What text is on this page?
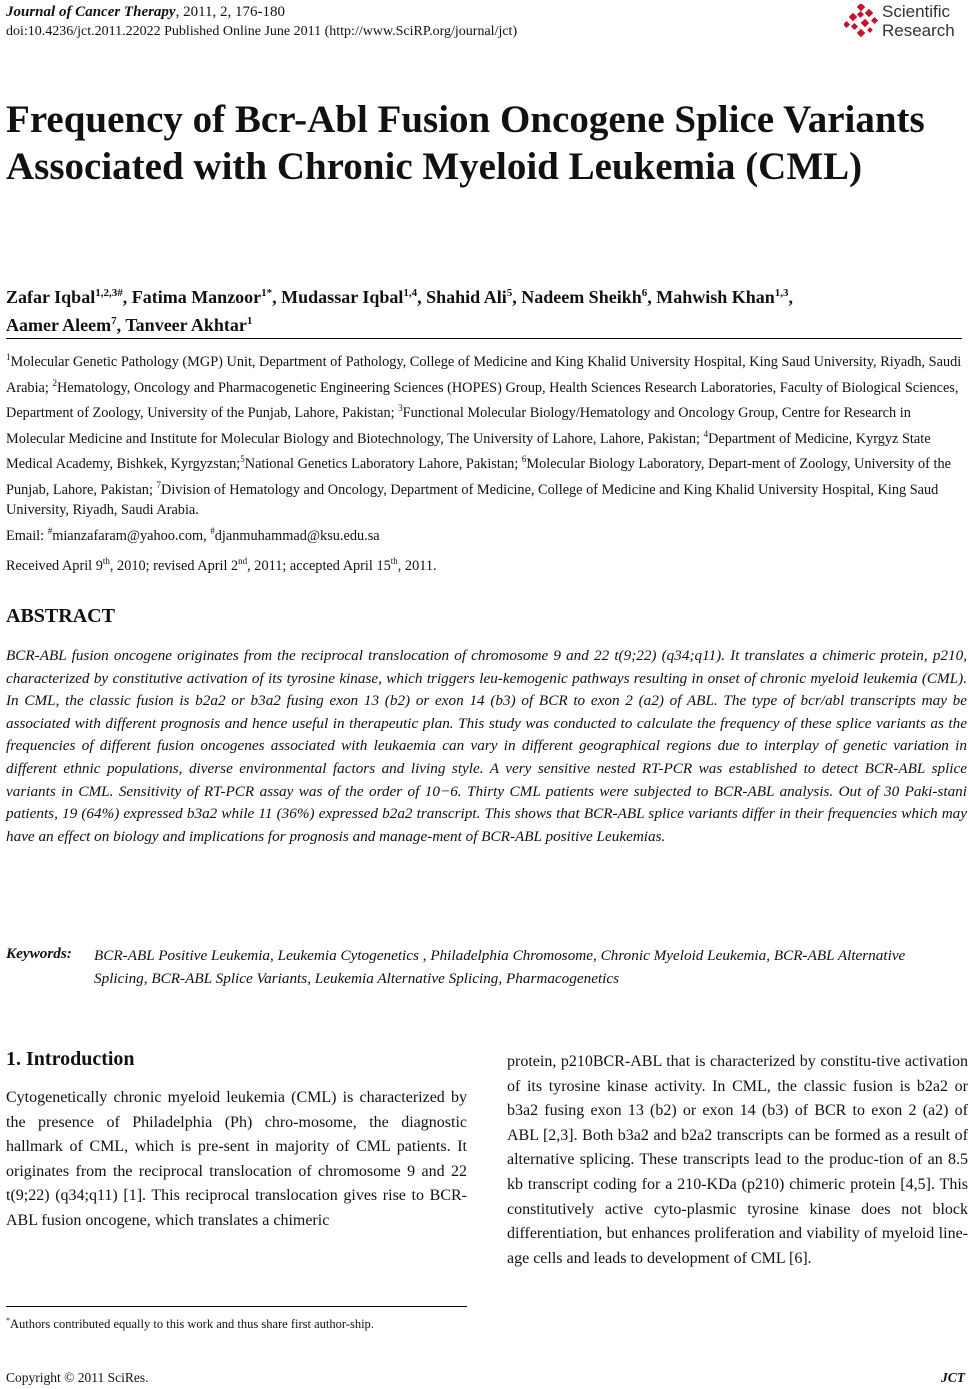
Journal of Cancer Therapy, 2011, 2, 176-180
doi:10.4236/jct.2011.22022 Published Online June 2011 (http://www.SciRP.org/journal/jct)
Scientific
Research
Frequency of Bcr-Abl Fusion Oncogene Splice Variants Associated with Chronic Myeloid Leukemia (CML)
Zafar Iqbal$^{1,2,3\#}$, Fatima Manzoor$^{1*}$, Mudassar Iqbal$^{1,4}$, Shahid Ali$^5$, Nadeem Sheikh$^6$, Mahwish Khan$^{1,3}$,
Aamer Aleem$^7$, Tanveer Akhtar$^1$
$^1$Molecular Genetic Pathology (MGP) Unit, Department of Pathology, College of Medicine and King Khalid University Hospital, King Saud University, Riyadh, Saudi Arabia; $^2$Hematology, Oncology and Pharmacogenetic Engineering Sciences (HOPES) Group, Health Sciences Research Laboratories, Faculty of Biological Sciences, Department of Zoology, University of the Punjab, Lahore, Pakistan; $^3$Functional Molecular Biology/Hematology and Oncology Group, Centre for Research in Molecular Medicine and Institute for Molecular Biology and Biotechnology, The University of Lahore, Lahore, Pakistan; $^4$Department of Medicine, Kyrgyz State Medical Academy, Bishkek, Kyrgyzstan;$^5$National Genetics Laboratory Lahore, Pakistan; $^6$Molecular Biology Laboratory, Depart-ment of Zoology, University of the Punjab, Lahore, Pakistan; $^7$Division of Hematology and Oncology, Department of Medicine, College of Medicine and King Khalid University Hospital, King Saud University, Riyadh, Saudi Arabia.
Email: #mianzafaram@yahoo.com, #djanmuhammad@ksu.edu.sa
Received April 9th, 2010; revised April 2nd, 2011; accepted April 15th, 2011.
ABSTRACT
BCR-ABL fusion oncogene originates from the reciprocal translocation of chromosome 9 and 22 t(9;22) (q34;q11). It translates a chimeric protein, p210, characterized by constitutive activation of its tyrosine kinase, which triggers leu-kemogenic pathways resulting in onset of chronic myeloid leukemia (CML). In CML, the classic fusion is b2a2 or b3a2 fusing exon 13 (b2) or exon 14 (b3) of BCR to exon 2 (a2) of ABL. The type of bcr/abl transcripts may be associated with different prognosis and hence useful in therapeutic plan. This study was conducted to calculate the frequency of these splice variants as the frequencies of different fusion oncogenes associated with leukaemia can vary in different geographical regions due to interplay of genetic variation in different ethnic populations, diverse environmental factors and living style. A very sensitive nested RT-PCR was established to detect BCR-ABL splice variants in CML. Sensitivity of RT-PCR assay was of the order of 10−6. Thirty CML patients were subjected to BCR-ABL analysis. Out of 30 Paki-stani patients, 19 (64%) expressed b3a2 while 11 (36%) expressed b2a2 transcript. This shows that BCR-ABL splice variants differ in their frequencies which may have an effect on biology and implications for prognosis and manage-ment of BCR-ABL positive Leukemias.
Keywords: BCR-ABL Positive Leukemia, Leukemia Cytogenetics , Philadelphia Chromosome, Chronic Myeloid Leukemia, BCR-ABL Alternative Splicing, BCR-ABL Splice Variants, Leukemia Alternative Splicing, Pharmacogenetics
1. Introduction
Cytogenetically chronic myeloid leukemia (CML) is characterized by the presence of Philadelphia (Ph) chro-mosome, the diagnostic hallmark of CML, which is pre-sent in majority of CML patients. It originates from the reciprocal translocation of chromosome 9 and 22 t(9;22) (q34;q11) [1]. This reciprocal translocation gives rise to BCR-ABL fusion oncogene, which translates a chimeric
protein, p210BCR-ABL that is characterized by constitu-tive activation of its tyrosine kinase activity. In CML, the classic fusion is b2a2 or b3a2 fusing exon 13 (b2) or exon 14 (b3) of BCR to exon 2 (a2) of ABL [2,3]. Both b3a2 and b2a2 transcripts can be formed as a result of alternative splicing. These transcripts lead to the produc-tion of an 8.5 kb transcript coding for a 210-KDa (p210) chimeric protein [4,5]. This constitutively active cyto-plasmic tyrosine kinase does not block differentiation, but enhances proliferation and viability of myeloid line-age cells and leads to development of CML [6].
*Authors contributed equally to this work and thus share first author-ship.
Copyright © 2011 SciRes.	JCT
